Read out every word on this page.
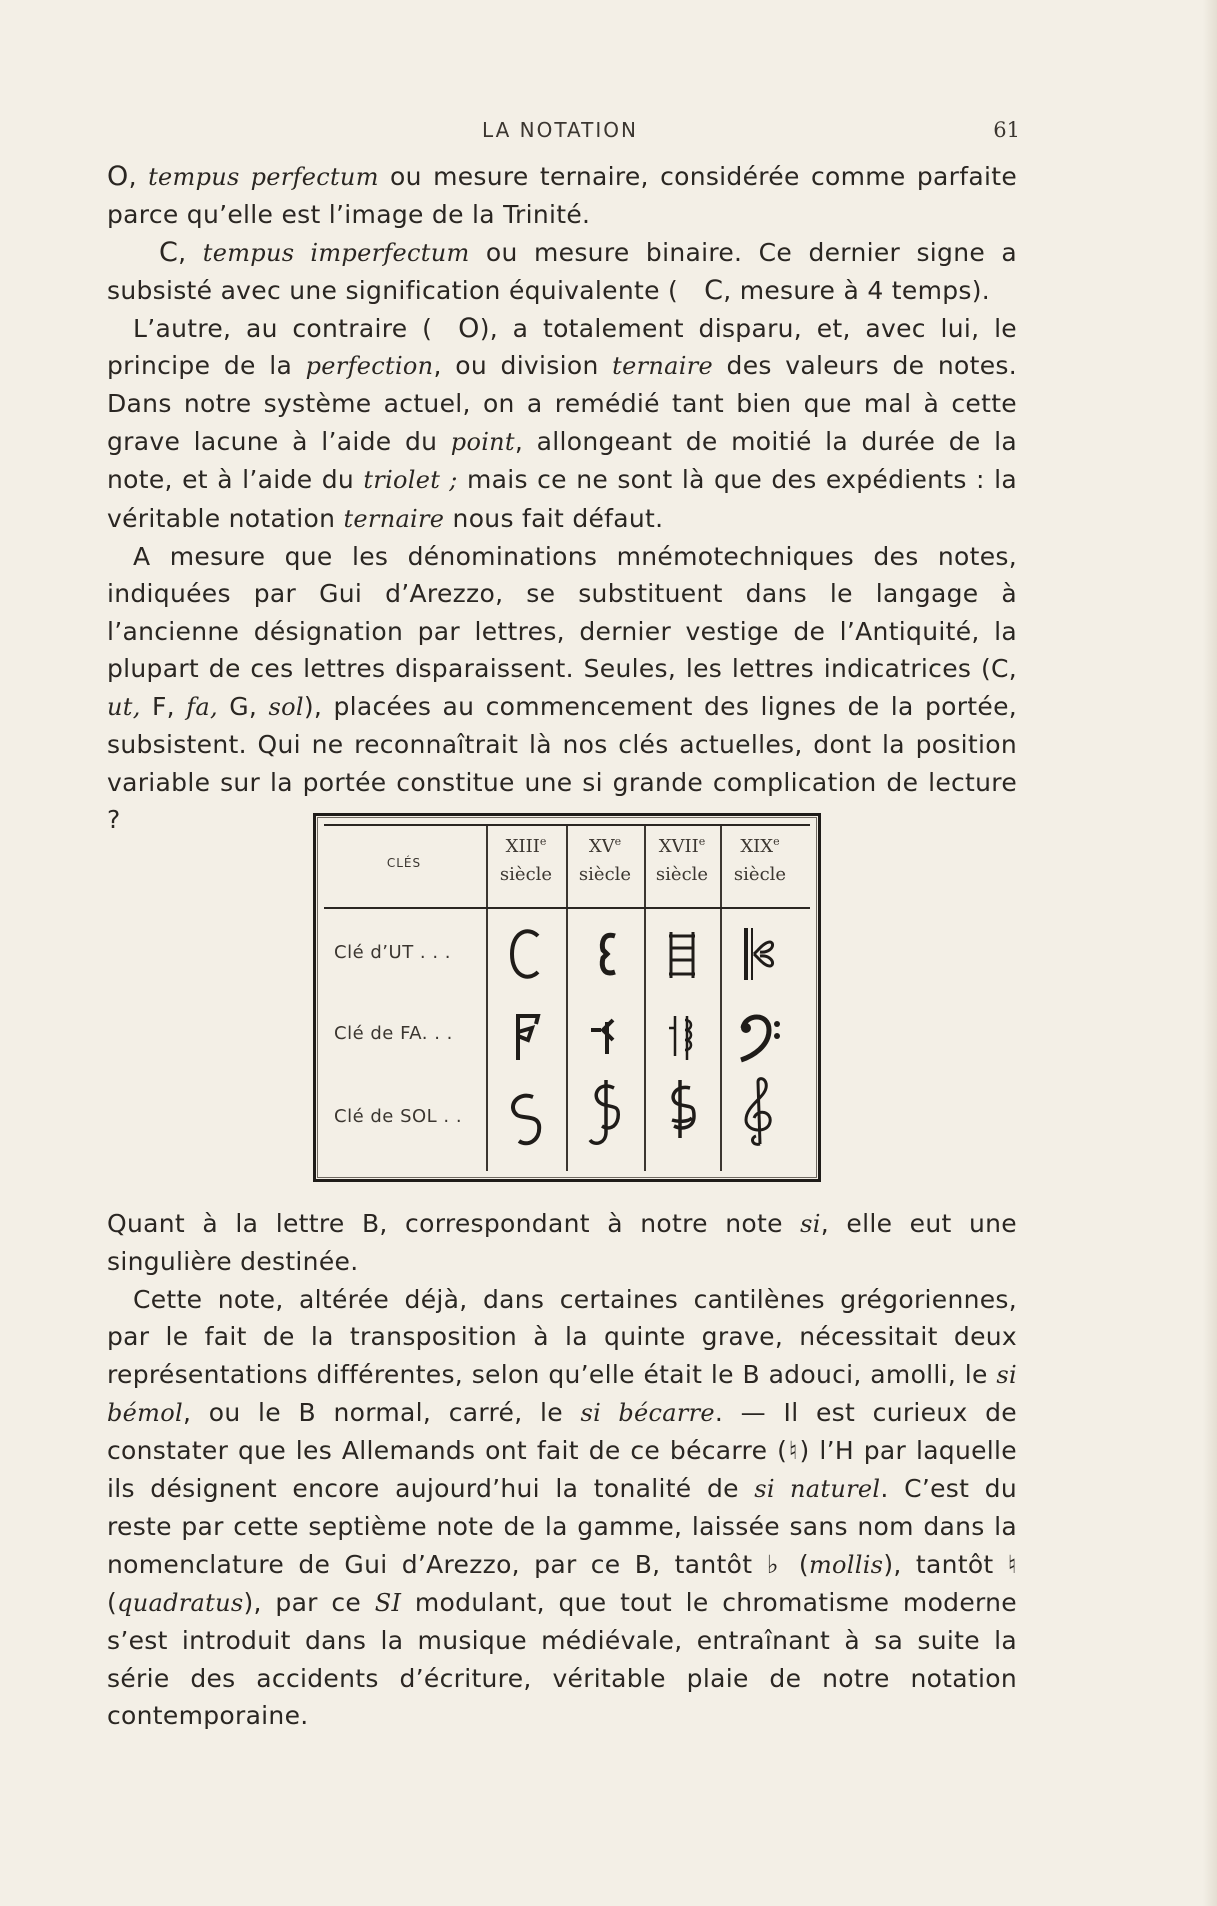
LA NOTATION	61

O, tempus perfectum ou mesure ternaire, considérée comme parfaite parce qu’elle est l’image de la Trinité.

C, tempus imperfectum ou mesure binaire. Ce dernier signe a subsisté avec une signification équivalente ( C, mesure à 4 temps).

L’autre, au contraire ( O), a totalement disparu, et, avec lui, le principe de la perfection, ou division ternaire des valeurs de notes. Dans notre système actuel, on a remédié tant bien que mal à cette grave lacune à l’aide du point, allongeant de moitié la durée de la note, et à l’aide du triolet ; mais ce ne sont là que des expédients : la véritable notation ternaire nous fait défaut.

A mesure que les dénominations mnémotechniques des notes, indiquées par Gui d’Arezzo, se substituent dans le langage à l’ancienne désignation par lettres, dernier vestige de l’Antiquité, la plupart de ces lettres disparaissent. Seules, les lettres indicatrices (C, ut, F, fa, G, sol), placées au commencement des lignes de la portée, subsistent. Qui ne reconnaîtrait là nos clés actuelles, dont la position variable sur la portée constitue une si grande complication de lecture ?

CLÉS
XIIIe
siècle
XVe
siècle
XVIIe
siècle
XIXe
siècle
Clé d’UT . . .
Clé de FA. . .
Clé de SOL . .

Quant à la lettre B, correspondant à notre note si, elle eut une singulière destinée.

Cette note, altérée déjà, dans certaines cantilènes grégoriennes, par le fait de la transposition à la quinte grave, nécessitait deux représentations différentes, selon qu’elle était le B adouci, amolli, le si bémol, ou le B normal, carré, le si bécarre. — Il est curieux de constater que les Allemands ont fait de ce bécarre (♮) l’H par laquelle ils désignent encore aujourd’hui la tonalité de si naturel. C’est du reste par cette septième note de la gamme, laissée sans nom dans la nomenclature de Gui d’Arezzo, par ce B, tantôt ♭ (mollis), tantôt ♮ (quadratus), par ce SI modulant, que tout le chromatisme moderne s’est introduit dans la musique médiévale, entraînant à sa suite la série des accidents d’écriture, véritable plaie de notre notation contemporaine.
